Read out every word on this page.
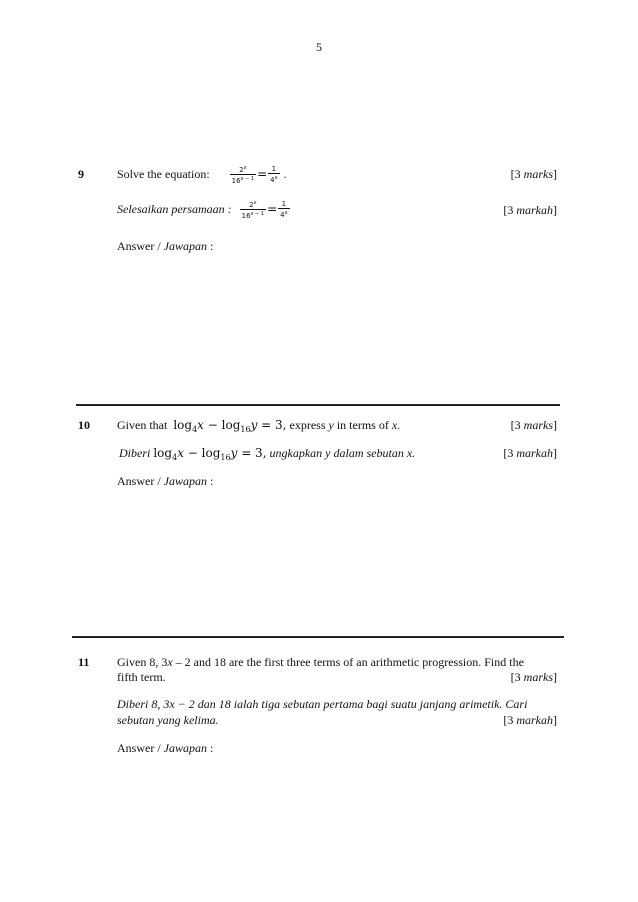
5
9	Solve the equation:	$\frac{2^x}{16^{x - 1}} = \frac{1}{4^x}$ .	[3 marks]
Selesaikan persamaan : $\frac{2^x}{16^{x - 1}} = \frac{1}{4^x}$	[3 markah]
Answer / Jawapan :
10 Given that $\log_4x - \log_{16}y = 3$, express y in terms of x.	[3 marks]
Diberi $\log_4x - \log_{16}y = 3$, ungkapkan y dalam sebutan x.	[3 markah]
Answer / Jawapan :
11 Given 8, 3x – 2 and 18 are the first three terms of an arithmetic progression. Find the
fifth term.	[3 marks]
Diberi 8, 3x − 2 dan 18 ialah tiga sebutan pertama bagi suatu janjang arimetik. Cari
sebutan yang kelima.	[3 markah]
Answer / Jawapan :
